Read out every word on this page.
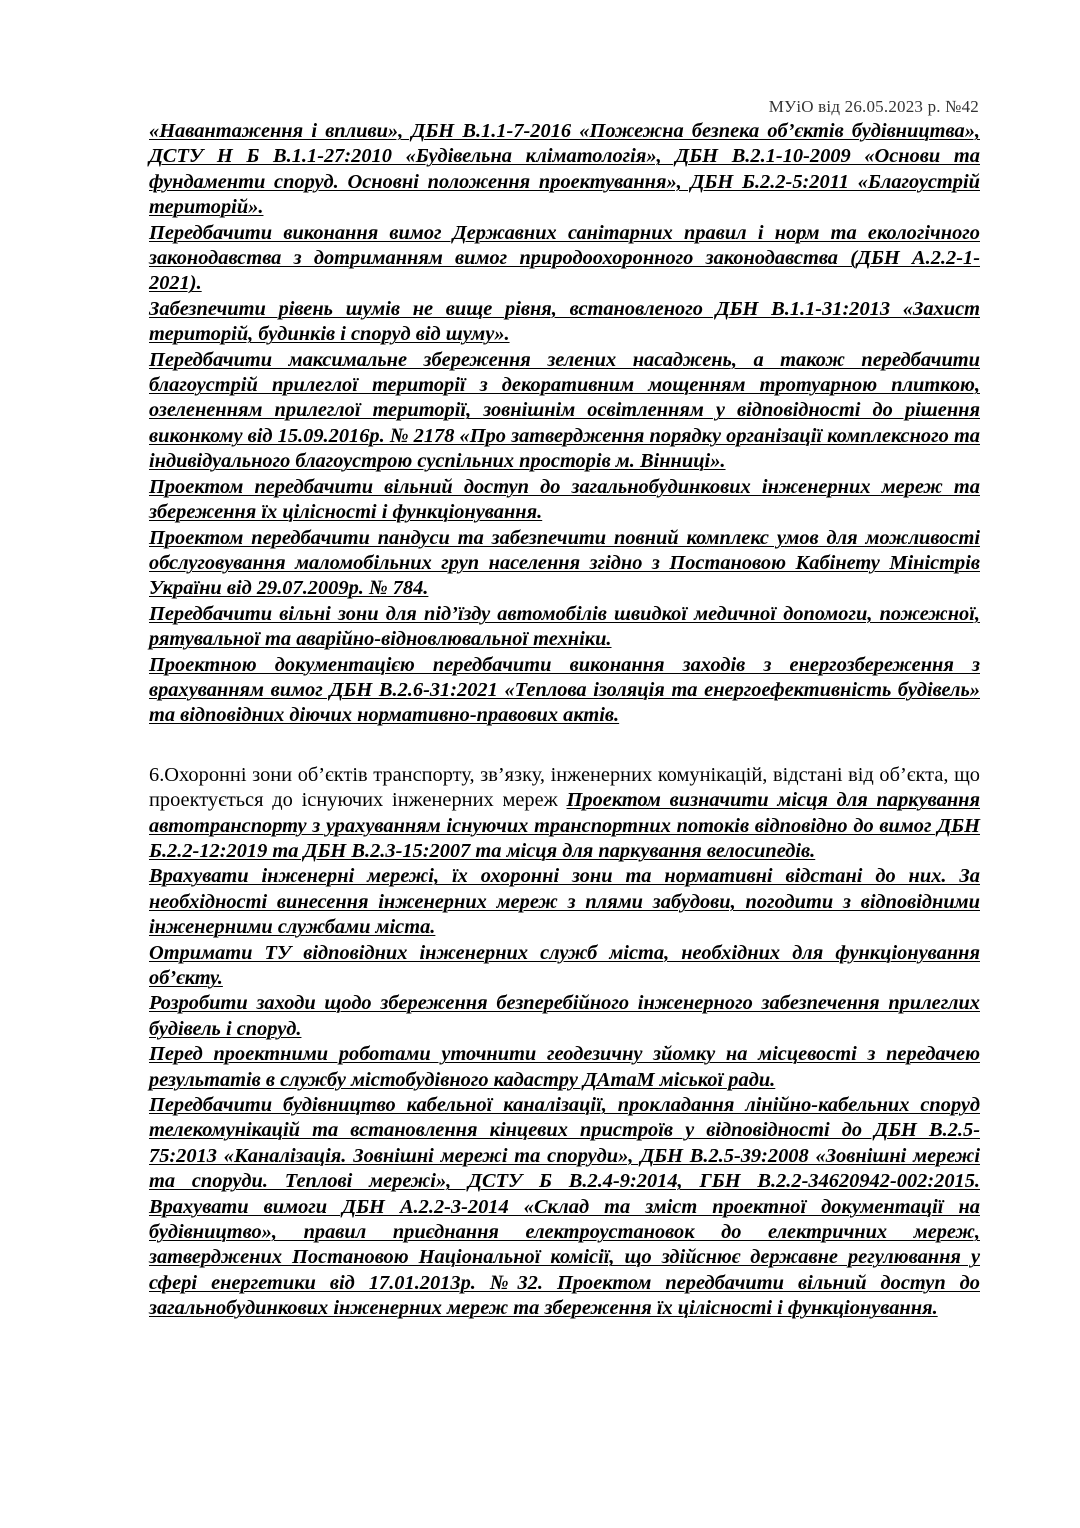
МУіО від 26.05.2023 р. №42

«Навантаження і впливи», ДБН В.1.1-7-2016 «Пожежна безпека об’єктів будівництва», ДСТУ Н Б В.1.1-27:2010 «Будівельна кліматологія», ДБН В.2.1-10-2009 «Основи та фундаменти споруд. Основні положення проектування», ДБН Б.2.2-5:2011 «Благоустрій територій».

Передбачити виконання вимог Державних санітарних правил і норм та екологічного законодавства з дотриманням вимог природоохоронного законодавства (ДБН А.2.2-1-2021).

Забезпечити рівень шумів не вище рівня, встановленого ДБН В.1.1-31:2013 «Захист територій, будинків і споруд від шуму».

Передбачити максимальне збереження зелених насаджень, а також передбачити благоустрій прилеглої території з декоративним мощенням тротуарною плиткою, озелененням прилеглої території, зовнішнім освітленням у відповідності до рішення виконкому від 15.09.2016р. № 2178 «Про затвердження порядку організації комплексного та індивідуального благоустрою суспільних просторів м. Вінниці».

Проектом передбачити вільний доступ до загальнобудинкових інженерних мереж та збереження їх цілісності і функціонування.

Проектом передбачити пандуси та забезпечити повний комплекс умов для можливості обслуговування маломобільних груп населення згідно з Постановою Кабінету Міністрів України від 29.07.2009р. № 784.

Передбачити вільні зони для під’їзду автомобілів швидкої медичної допомоги, пожежної, рятувальної та аварійно-відновлювальної техніки.

Проектною документацією передбачити виконання заходів з енергозбереження з врахуванням вимог ДБН В.2.6-31:2021 «Теплова ізоляція та енергоефективність будівель» та відповідних діючих нормативно-правових актів.

6.Охоронні зони об’єктів транспорту, зв’язку, інженерних комунікацій, відстані від об’єкта, що проектується до існуючих інженерних мереж Проектом визначити місця для паркування автотранспорту з урахуванням існуючих транспортних потоків відповідно до вимог ДБН Б.2.2-12:2019 та ДБН В.2.3-15:2007 та місця для паркування велосипедів.

Врахувати інженерні мережі, їх охоронні зони та нормативні відстані до них. За необхідності винесення інженерних мереж з плями забудови, погодити з відповідними інженерними службами міста.

Отримати ТУ відповідних інженерних служб міста, необхідних для функціонування об’єкту.

Розробити заходи щодо збереження безперебійного інженерного забезпечення прилеглих будівель і споруд.

Перед проектними роботами уточнити геодезичну зйомку на місцевості з передачею результатів в службу містобудівного кадастру ДАтаМ міської ради.

Передбачити будівництво кабельної каналізації, прокладання лінійно-кабельних споруд телекомунікацій та встановлення кінцевих пристроїв у відповідності до ДБН В.2.5-75:2013 «Каналізація. Зовнішні мережі та споруди», ДБН В.2.5-39:2008 «Зовнішні мережі та споруди. Теплові мережі», ДСТУ Б В.2.4-9:2014, ГБН В.2.2-34620942-002:2015. Врахувати вимоги ДБН А.2.2-3-2014 «Склад та зміст проектної документації на будівництво», правил приєднання електроустановок до електричних мереж, затверджених Постановою Національної комісії, що здійснює державне регулювання у сфері енергетики від 17.01.2013р. №32. Проектом передбачити вільний доступ до загальнобудинкових інженерних мереж та збереження їх цілісності і функціонування.
